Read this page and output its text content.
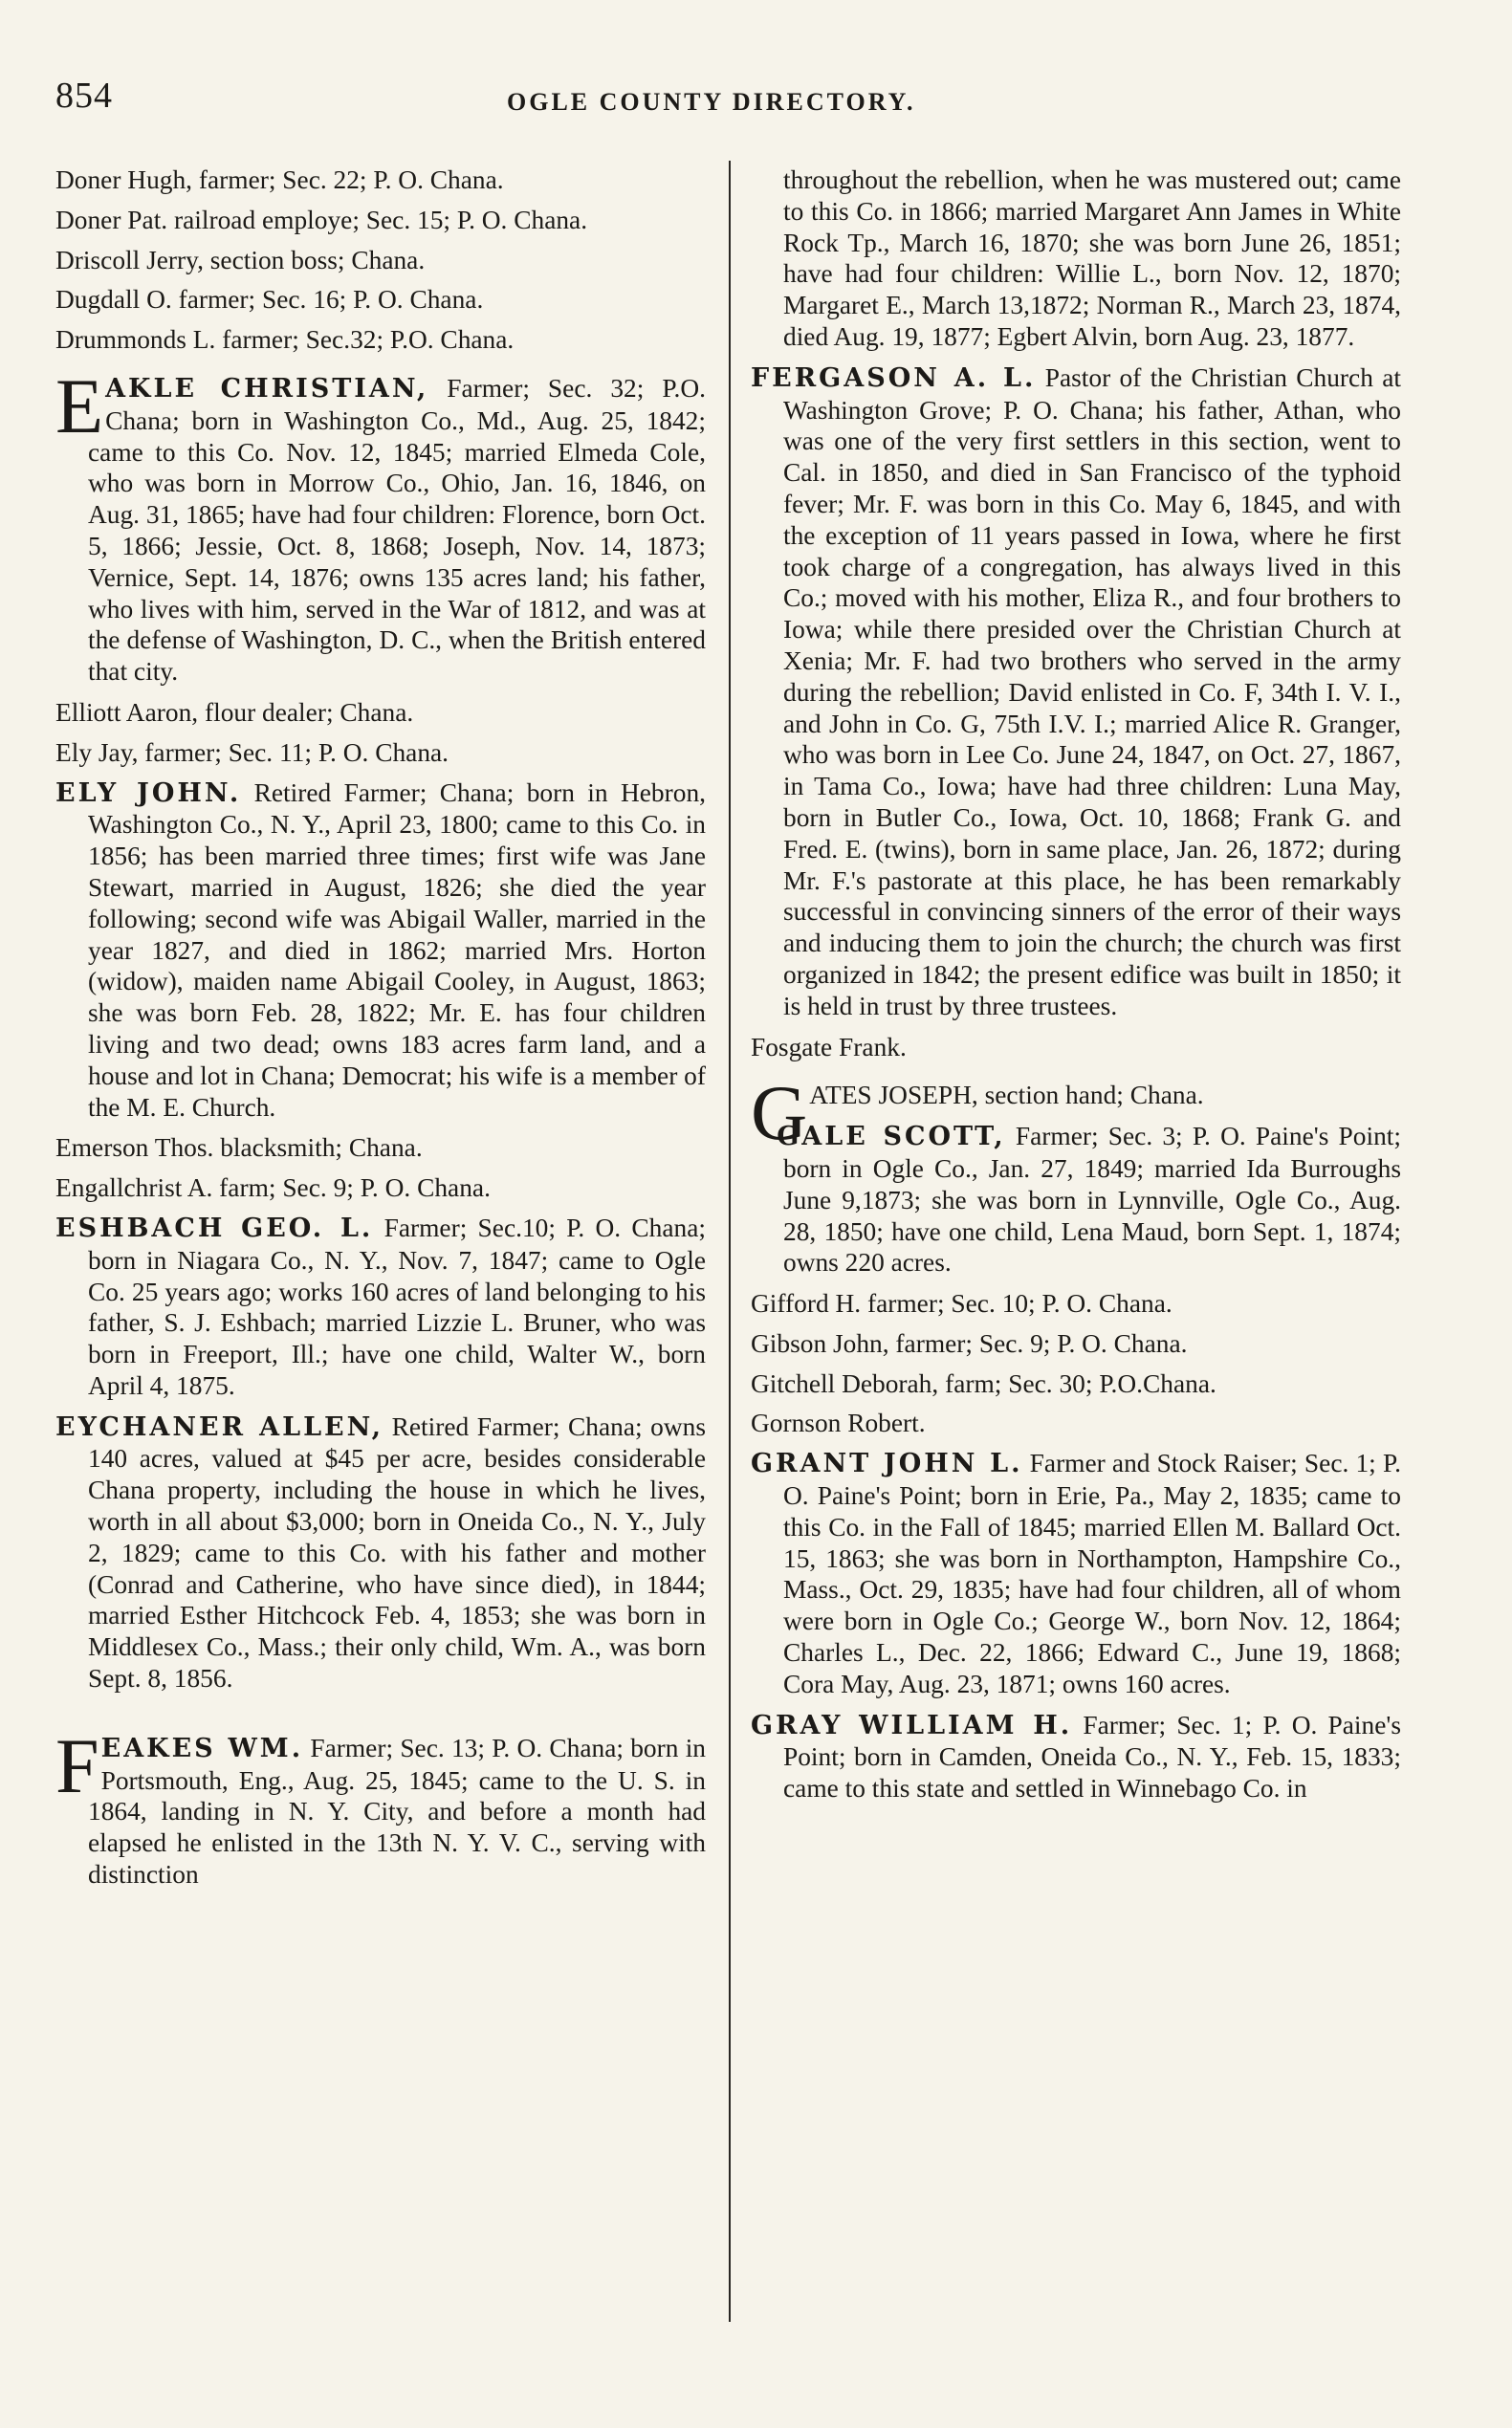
854	OGLE COUNTY DIRECTORY.

Doner Hugh, farmer; Sec. 22; P. O. Chana.

Doner Pat. railroad employe; Sec. 15; P. O. Chana.

Driscoll Jerry, section boss; Chana.

Dugdall O. farmer; Sec. 16; P. O. Chana.

Drummonds L. farmer; Sec.32; P.O. Chana.

EAKLE CHRISTIAN, Farmer; Sec. 32; P.O. Chana; born in Washington Co., Md., Aug. 25, 1842; came to this Co. Nov. 12, 1845; married Elmeda Cole, who was born in Morrow Co., Ohio, Jan. 16, 1846, on Aug. 31, 1865; have had four children: Florence, born Oct. 5, 1866; Jessie, Oct. 8, 1868; Joseph, Nov. 14, 1873; Vernice, Sept. 14, 1876; owns 135 acres land; his father, who lives with him, served in the War of 1812, and was at the defense of Washington, D. C., when the British entered that city.

Elliott Aaron, flour dealer; Chana.

Ely Jay, farmer; Sec. 11; P. O. Chana.

ELY JOHN. Retired Farmer; Chana; born in Hebron, Washington Co., N. Y., April 23, 1800; came to this Co. in 1856; has been married three times; first wife was Jane Stewart, married in August, 1826; she died the year following; second wife was Abigail Waller, married in the year 1827, and died in 1862; married Mrs. Horton (widow), maiden name Abigail Cooley, in August, 1863; she was born Feb. 28, 1822; Mr. E. has four children living and two dead; owns 183 acres farm land, and a house and lot in Chana; Democrat; his wife is a member of the M. E. Church.

Emerson Thos. blacksmith; Chana.

Engallchrist A. farm; Sec. 9; P. O. Chana.

ESHBACH GEO. L. Farmer; Sec.10; P. O. Chana; born in Niagara Co., N. Y., Nov. 7, 1847; came to Ogle Co. 25 years ago; works 160 acres of land belonging to his father, S. J. Eshbach; married Lizzie L. Bruner, who was born in Freeport, Ill.; have one child, Walter W., born April 4, 1875.

EYCHANER ALLEN, Retired Farmer; Chana; owns 140 acres, valued at $45 per acre, besides considerable Chana property, including the house in which he lives, worth in all about $3,000; born in Oneida Co., N. Y., July 2, 1829; came to this Co. with his father and mother (Conrad and Catherine, who have since died), in 1844; married Esther Hitchcock Feb. 4, 1853; she was born in Middlesex Co., Mass.; their only child, Wm. A., was born Sept. 8, 1856.

FEAKES WM. Farmer; Sec. 13; P. O. Chana; born in Portsmouth, Eng., Aug. 25, 1845; came to the U. S. in 1864, landing in N. Y. City, and before a month had elapsed he enlisted in the 13th N. Y. V. C., serving with distinction

throughout the rebellion, when he was mustered out; came to this Co. in 1866; married Margaret Ann James in White Rock Tp., March 16, 1870; she was born June 26, 1851; have had four children: Willie L., born Nov. 12, 1870; Margaret E., March 13,1872; Norman R., March 23, 1874, died Aug. 19, 1877; Egbert Alvin, born Aug. 23, 1877.

FERGASON A. L. Pastor of the Christian Church at Washington Grove; P. O. Chana; his father, Athan, who was one of the very first settlers in this section, went to Cal. in 1850, and died in San Francisco of the typhoid fever; Mr. F. was born in this Co. May 6, 1845, and with the exception of 11 years passed in Iowa, where he first took charge of a congregation, has always lived in this Co.; moved with his mother, Eliza R., and four brothers to Iowa; while there presided over the Christian Church at Xenia; Mr. F. had two brothers who served in the army during the rebellion; David enlisted in Co. F, 34th I. V. I., and John in Co. G, 75th I.V. I.; married Alice R. Granger, who was born in Lee Co. June 24, 1847, on Oct. 27, 1867, in Tama Co., Iowa; have had three children: Luna May, born in Butler Co., Iowa, Oct. 10, 1868; Frank G. and Fred. E. (twins), born in same place, Jan. 26, 1872; during Mr. F.'s pastorate at this place, he has been remarkably successful in convincing sinners of the error of their ways and inducing them to join the church; the church was first organized in 1842; the present edifice was built in 1850; it is held in trust by three trustees.

Fosgate Frank.

GATES JOSEPH, section hand; Chana.

GALE SCOTT, Farmer; Sec. 3; P. O. Paine's Point; born in Ogle Co., Jan. 27, 1849; married Ida Burroughs June 9,1873; she was born in Lynnville, Ogle Co., Aug. 28, 1850; have one child, Lena Maud, born Sept. 1, 1874; owns 220 acres.

Gifford H. farmer; Sec. 10; P. O. Chana.

Gibson John, farmer; Sec. 9; P. O. Chana.

Gitchell Deborah, farm; Sec. 30; P.O.Chana.

Gornson Robert.

GRANT JOHN L. Farmer and Stock Raiser; Sec. 1; P. O. Paine's Point; born in Erie, Pa., May 2, 1835; came to this Co. in the Fall of 1845; married Ellen M. Ballard Oct. 15, 1863; she was born in Northampton, Hampshire Co., Mass., Oct. 29, 1835; have had four children, all of whom were born in Ogle Co.; George W., born Nov. 12, 1864; Charles L., Dec. 22, 1866; Edward C., June 19, 1868; Cora May, Aug. 23, 1871; owns 160 acres.

GRAY WILLIAM H. Farmer; Sec. 1; P. O. Paine's Point; born in Camden, Oneida Co., N. Y., Feb. 15, 1833; came to this state and settled in Winnebago Co. in
